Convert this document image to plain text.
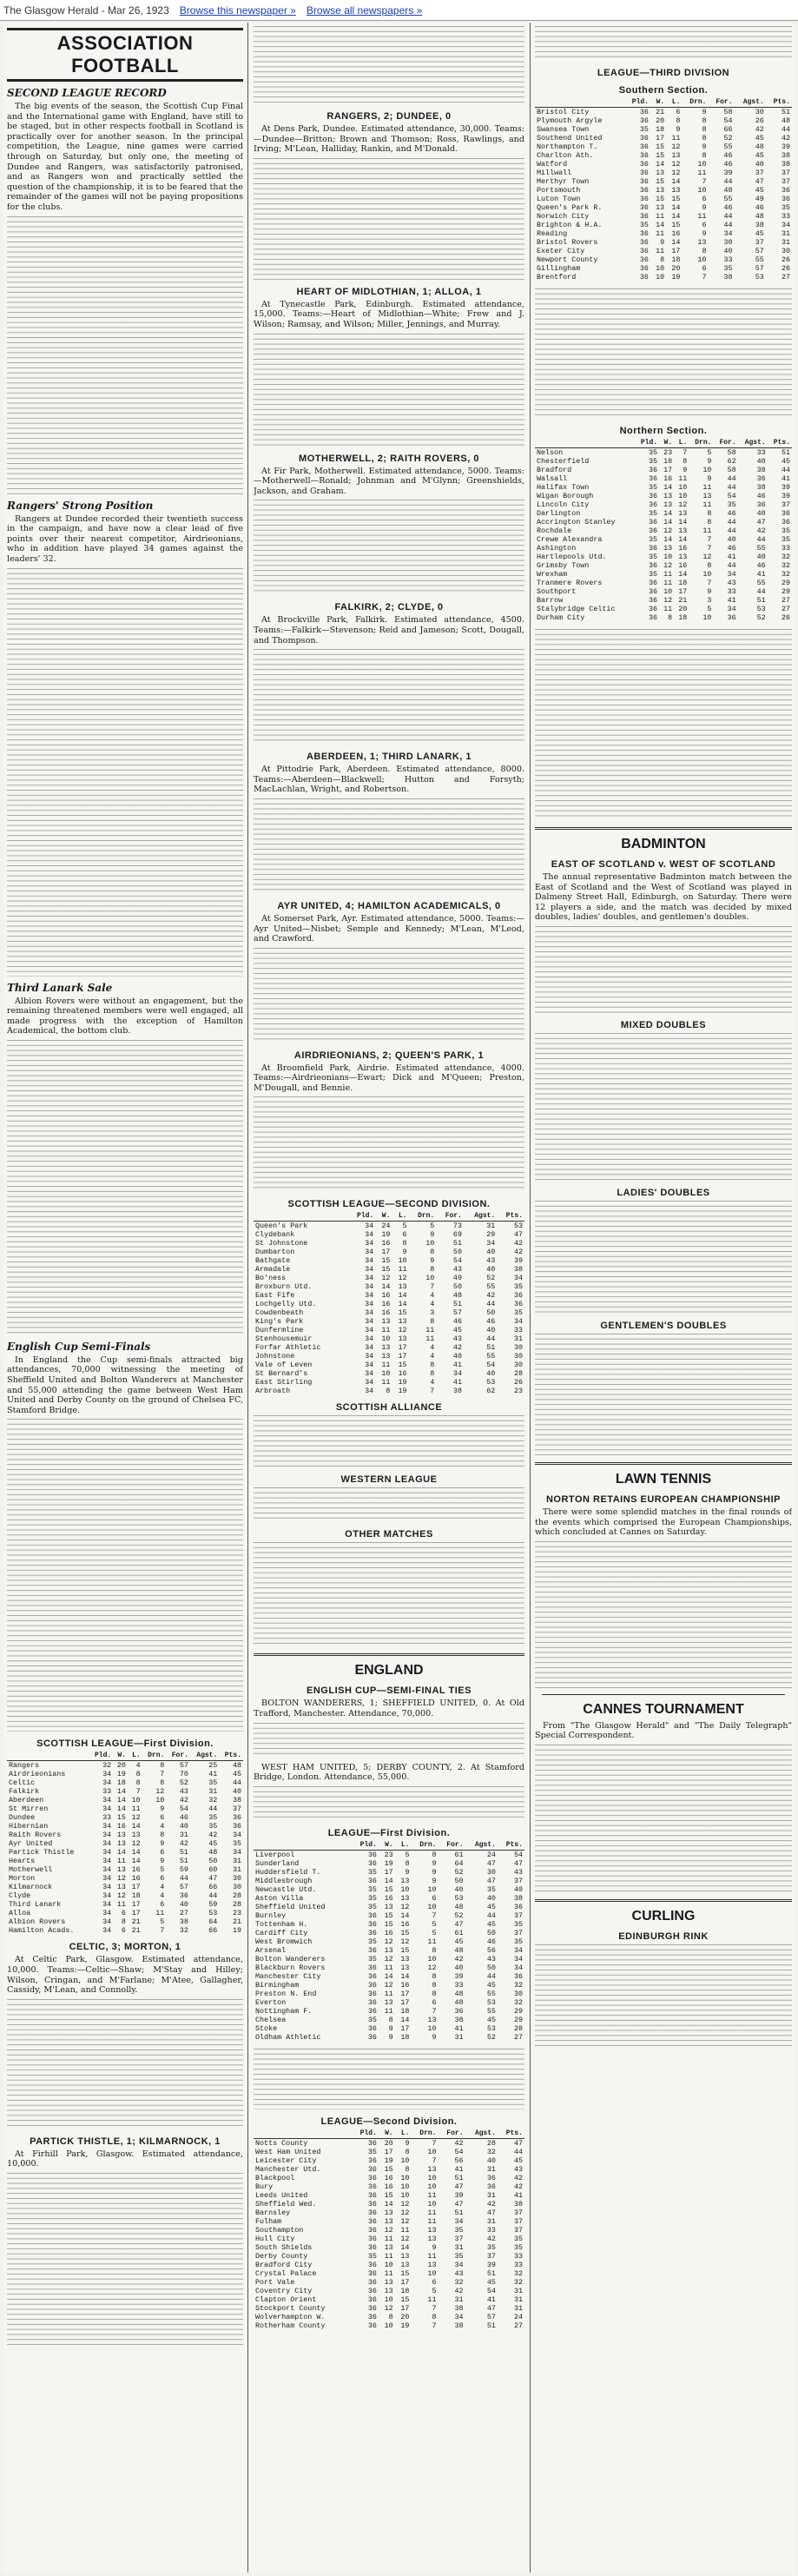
The Glasgow Herald - Mar 26, 1923 Browse this newspaper » Browse all newspapers »
ASSOCIATION FOOTBALL
SECOND LEAGUE RECORD

The big events of the season, the Scottish Cup Final and the International game with England, have still to be staged, but in other respects football in Scotland is practically over for another season. In the principal competition, the League, nine games were carried through on Saturday, but only one, the meeting of Dundee and Rangers, was satisfactorily patronised, and as Rangers won and practically settled the question of the championship, it is to be feared that the remainder of the games will not be paying propositions for the clubs.

Rangers' Strong Position

Rangers at Dundee recorded their twentieth success in the campaign, and have now a clear lead of five points over their nearest competitor, Airdrieonians, who in addition have played 34 games against the leaders' 32.

Third Lanark Sale

Albion Rovers were without an engagement, but the remaining threatened members were well engaged, all made progress with the exception of Hamilton Academical, the bottom club.

English Cup Semi-Finals

In England the Cup semi-finals attracted big attendances, 70,000 witnessing the meeting of Sheffield United and Bolton Wanderers at Manchester and 55,000 attending the game between West Ham United and Derby County on the ground of Chelsea FC, Stamford Bridge.

SCOTTISH LEAGUE—First Division.
	Pld.	W.	L.	Drn.	For.	Agst.	Pts.
Rangers	32	20	4	8	57	25	48
Airdrieonians	34	19	8	7	70	41	45
Celtic	34	18	8	8	52	35	44
Falkirk	33	14	7	12	43	31	40
Aberdeen	34	14	10	10	42	32	38
St Mirren	34	14	11	9	54	44	37
Dundee	33	15	12	6	46	35	36
Hibernian	34	16	14	4	40	35	36
Raith Rovers	34	13	13	8	31	42	34
Ayr United	34	13	12	9	42	45	35
Partick Thistle	34	14	14	6	51	48	34
Hearts	34	11	14	9	51	50	31
Motherwell	34	13	16	5	59	60	31
Morton	34	12	16	6	44	47	30
Kilmarnock	34	13	17	4	57	66	30
Clyde	34	12	18	4	36	44	28
Third Lanark	34	11	17	6	40	59	28
Alloa	34	6	17	11	27	53	23
Albion Rovers	34	8	21	5	38	64	21
Hamilton Acads.	34	6	21	7	32	66	19
CELTIC, 3; MORTON, 1

At Celtic Park, Glasgow. Estimated attendance, 10,000. Teams:—Celtic—Shaw; M'Stay and Hilley; Wilson, Cringan, and M'Farlane; M'Atee, Gallagher, Cassidy, M'Lean, and Connolly.

PARTICK THISTLE, 1; KILMARNOCK, 1

At Firhill Park, Glasgow. Estimated attendance, 10,000.

RANGERS, 2; DUNDEE, 0

At Dens Park, Dundee. Estimated attendance, 30,000. Teams:—Dundee—Britton; Brown and Thomson; Ross, Rawlings, and Irving; M'Lean, Halliday, Rankin, and M'Donald.

HEART OF MIDLOTHIAN, 1; ALLOA, 1

At Tynecastle Park, Edinburgh. Estimated attendance, 15,000. Teams:—Heart of Midlothian—White; Frew and J. Wilson; Ramsay, and Wilson; Miller, Jennings, and Murray.

MOTHERWELL, 2; RAITH ROVERS, 0

At Fir Park, Motherwell. Estimated attendance, 5000. Teams:—Motherwell—Ronald; Johnman and M'Glynn; Greenshields, Jackson, and Graham.

FALKIRK, 2; CLYDE, 0

At Brockville Park, Falkirk. Estimated attendance, 4500. Teams:—Falkirk—Stevenson; Reid and Jameson; Scott, Dougall, and Thompson.

ABERDEEN, 1; THIRD LANARK, 1

At Pittodrie Park, Aberdeen. Estimated attendance, 8000. Teams:—Aberdeen—Blackwell; Hutton and Forsyth; MacLachlan, Wright, and Robertson.

AYR UNITED, 4; HAMILTON ACADEMICALS, 0

At Somerset Park, Ayr. Estimated attendance, 5000. Teams:—Ayr United—Nisbet; Semple and Kennedy; M'Lean, M'Leod, and Crawford.

AIRDRIEONIANS, 2; QUEEN'S PARK, 1

At Broomfield Park, Airdrie. Estimated attendance, 4000. Teams:—Airdrieonians—Ewart; Dick and M'Queen; Preston, M'Dougall, and Bennie.

SCOTTISH LEAGUE—SECOND DIVISION.
	Pld.	W.	L.	Drn.	For.	Agst.	Pts.
Queen's Park	34	24	5	5	73	31	53
Clydebank	34	19	6	9	69	29	47
St Johnstone	34	16	8	10	51	34	42
Dumbarton	34	17	9	8	50	40	42
Bathgate	34	15	10	9	54	43	39
Armadale	34	15	11	8	43	40	38
Bo'ness	34	12	12	10	49	52	34
Broxburn Utd.	34	14	13	7	50	55	35
East Fife	34	16	14	4	48	42	36
Lochgelly Utd.	34	16	14	4	51	44	36
Cowdenbeath	34	16	15	3	57	50	35
King's Park	34	13	13	8	46	46	34
Dunfermline	34	11	12	11	45	40	33
Stenhousemuir	34	10	13	11	43	44	31
Forfar Athletic	34	13	17	4	42	51	30
Johnstone	34	13	17	4	40	55	30
Vale of Leven	34	11	15	8	41	54	30
St Bernard's	34	10	16	8	34	40	28
East Stirling	34	11	19	4	41	53	26
Arbroath	34	8	19	7	38	62	23
SCOTTISH ALLIANCE
WESTERN LEAGUE
OTHER MATCHES
ENGLAND
ENGLISH CUP—SEMI-FINAL TIES

BOLTON WANDERERS, 1; SHEFFIELD UNITED, 0. At Old Trafford, Manchester. Attendance, 70,000.

WEST HAM UNITED, 5; DERBY COUNTY, 2. At Stamford Bridge, London. Attendance, 55,000.

LEAGUE—First Division.
	Pld.	W.	L.	Drn.	For.	Agst.	Pts.
Liverpool	36	23	5	8	61	24	54
Sunderland	36	19	8	9	64	47	47
Huddersfield T.	35	17	9	9	52	30	43
Middlesbrough	36	14	13	9	50	47	37
Newcastle Utd.	35	15	10	10	40	35	40
Aston Villa	35	16	13	6	53	40	38
Sheffield United	35	13	12	10	48	45	36
Burnley	36	15	14	7	52	44	37
Tottenham H.	36	15	16	5	47	45	35
Cardiff City	36	16	15	5	61	50	37
West Bromwich	35	12	12	11	45	46	35
Arsenal	36	13	15	8	48	56	34
Bolton Wanderers	35	12	13	10	42	43	34
Blackburn Rovers	36	11	13	12	40	50	34
Manchester City	36	14	14	8	39	44	36
Birmingham	36	12	16	8	33	45	32
Preston N. End	36	11	17	8	48	55	30
Everton	36	13	17	6	48	53	32
Nottingham F.	36	11	18	7	36	55	29
Chelsea	35	8	14	13	38	45	29
Stoke	36	9	17	10	41	53	28
Oldham Athletic	36	9	18	9	31	52	27
LEAGUE—Second Division.
	Pld.	W.	L.	Drn.	For.	Agst.	Pts.
Notts County	36	20	9	7	42	28	47
West Ham United	35	17	8	10	54	32	44
Leicester City	36	19	10	7	56	40	45
Manchester Utd.	36	15	8	13	41	31	43
Blackpool	36	16	10	10	51	36	42
Bury	36	16	10	10	47	36	42
Leeds United	36	15	10	11	39	31	41
Sheffield Wed.	36	14	12	10	47	42	38
Barnsley	36	13	12	11	51	47	37
Fulham	36	13	12	11	34	31	37
Southampton	36	12	11	13	35	33	37
Hull City	36	11	12	13	37	42	35
South Shields	36	13	14	9	31	35	35
Derby County	35	11	13	11	35	37	33
Bradford City	36	10	13	13	34	39	33
Crystal Palace	36	11	15	10	43	51	32
Port Vale	36	13	17	6	32	45	32
Coventry City	36	13	18	5	42	54	31
Clapton Orient	36	10	15	11	31	41	31
Stockport County	36	12	17	7	38	47	31
Wolverhampton W.	36	8	20	8	34	57	24
Rotherham County	36	10	19	7	38	51	27
LEAGUE—THIRD DIVISION
Southern Section.
	Pld.	W.	L.	Drn.	For.	Agst.	Pts.
Bristol City	36	21	6	9	58	30	51
Plymouth Argyle	36	20	8	8	54	26	48
Swansea Town	35	18	9	8	66	42	44
Southend United	36	17	11	8	52	45	42
Northampton T.	36	15	12	9	55	48	39
Charlton Ath.	36	15	13	8	46	45	38
Watford	36	14	12	10	46	40	38
Millwall	36	13	12	11	39	37	37
Merthyr Town	36	15	14	7	44	47	37
Portsmouth	36	13	13	10	48	45	36
Luton Town	36	15	15	6	55	49	36
Queen's Park R.	36	13	14	9	46	46	35
Norwich City	36	11	14	11	44	48	33
Brighton & H.A.	35	14	15	6	44	38	34
Reading	36	11	16	9	34	45	31
Bristol Rovers	36	9	14	13	30	37	31
Exeter City	36	11	17	8	40	57	30
Newport County	36	8	18	10	33	55	26
Gillingham	36	10	20	6	35	57	26
Brentford	36	10	19	7	38	53	27
Northern Section.
	Pld.	W.	L.	Drn.	For.	Agst.	Pts.
Nelson	35	23	7	5	58	33	51
Chesterfield	35	18	8	9	62	40	45
Bradford	36	17	9	10	58	38	44
Walsall	36	16	11	9	44	36	41
Halifax Town	35	14	10	11	44	38	39
Wigan Borough	36	13	10	13	54	46	39
Lincoln City	36	13	12	11	35	36	37
Darlington	35	14	13	8	46	40	36
Accrington Stanley	36	14	14	8	44	47	36
Rochdale	36	12	13	11	44	42	35
Crewe Alexandra	35	14	14	7	40	44	35
Ashington	36	13	16	7	46	55	33
Hartlepools Utd.	35	10	13	12	41	40	32
Grimsby Town	36	12	16	8	44	46	32
Wrexham	35	11	14	10	34	41	32
Tranmere Rovers	36	11	18	7	43	55	29
Southport	36	10	17	9	33	44	29
Barrow	36	12	21	3	41	51	27
Stalybridge Celtic	36	11	20	5	34	53	27
Durham City	36	8	18	10	36	52	26
BADMINTON
EAST OF SCOTLAND v. WEST OF SCOTLAND

The annual representative Badminton match between the East of Scotland and the West of Scotland was played in Dalmeny Street Hall, Edinburgh, on Saturday. There were 12 players a side, and the match was decided by mixed doubles, ladies' doubles, and gentlemen's doubles.

MIXED DOUBLES
LADIES' DOUBLES
GENTLEMEN'S DOUBLES
LAWN TENNIS
NORTON RETAINS EUROPEAN CHAMPIONSHIP

There were some splendid matches in the final rounds of the events which comprised the European Championships, which concluded at Cannes on Saturday.

CANNES TOURNAMENT

From "The Glasgow Herald" and "The Daily Telegraph" Special Correspondent.

CURLING
EDINBURGH RINK
